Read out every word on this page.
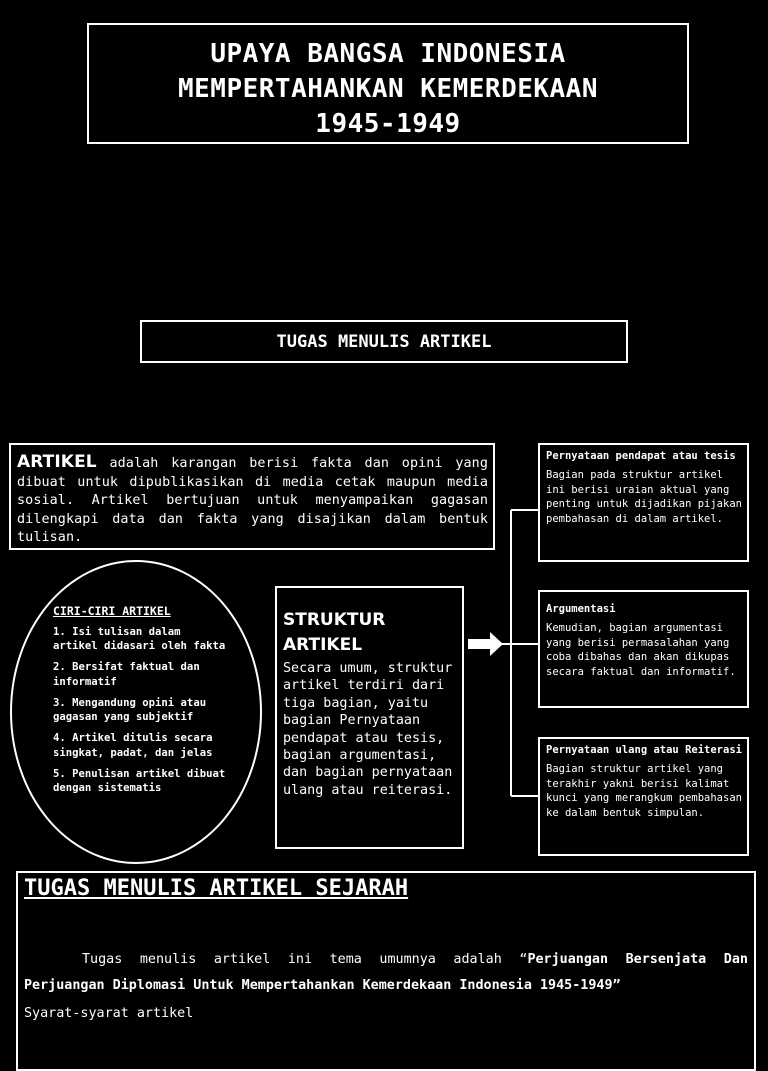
UPAYA BANGSA INDONESIA
MEMPERTAHANKAN KEMERDEKAAN
1945-1949
TUGAS MENULIS ARTIKEL
ARTIKEL adalah karangan berisi fakta dan opini yang dibuat untuk dipublikasikan di media cetak maupun media sosial. Artikel bertujuan untuk menyampaikan gagasan dilengkapi data dan fakta yang disajikan dalam bentuk tulisan.
CIRI-CIRI ARTIKEL
1. Isi tulisan dalam artikel didasari oleh fakta
2. Bersifat faktual dan informatif
3. Mengandung opini atau gagasan yang subjektif
4. Artikel ditulis secara singkat, padat, dan jelas
5. Penulisan artikel dibuat dengan sistematis
STRUKTUR
ARTIKEL
Secara umum, struktur artikel terdiri dari tiga bagian, yaitu bagian Pernyataan pendapat atau tesis, bagian argumentasi, dan bagian pernyataan ulang atau reiterasi.
Pernyataan pendapat atau tesis
Bagian pada struktur artikel ini berisi uraian aktual yang penting untuk dijadikan pijakan pembahasan di dalam artikel.
Argumentasi
Kemudian, bagian argumentasi yang berisi permasalahan yang coba dibahas dan akan dikupas secara faktual dan informatif.
Pernyataan ulang atau Reiterasi
Bagian struktur artikel yang terakhir yakni berisi kalimat kunci yang merangkum pembahasan ke dalam bentuk simpulan.
TUGAS MENULIS ARTIKEL SEJARAH

Tugas menulis artikel ini tema umumnya adalah “Perjuangan Bersenjata Dan Perjuangan Diplomasi Untuk Mempertahankan Kemerdekaan Indonesia 1945-1949”

Syarat-syarat artikel
